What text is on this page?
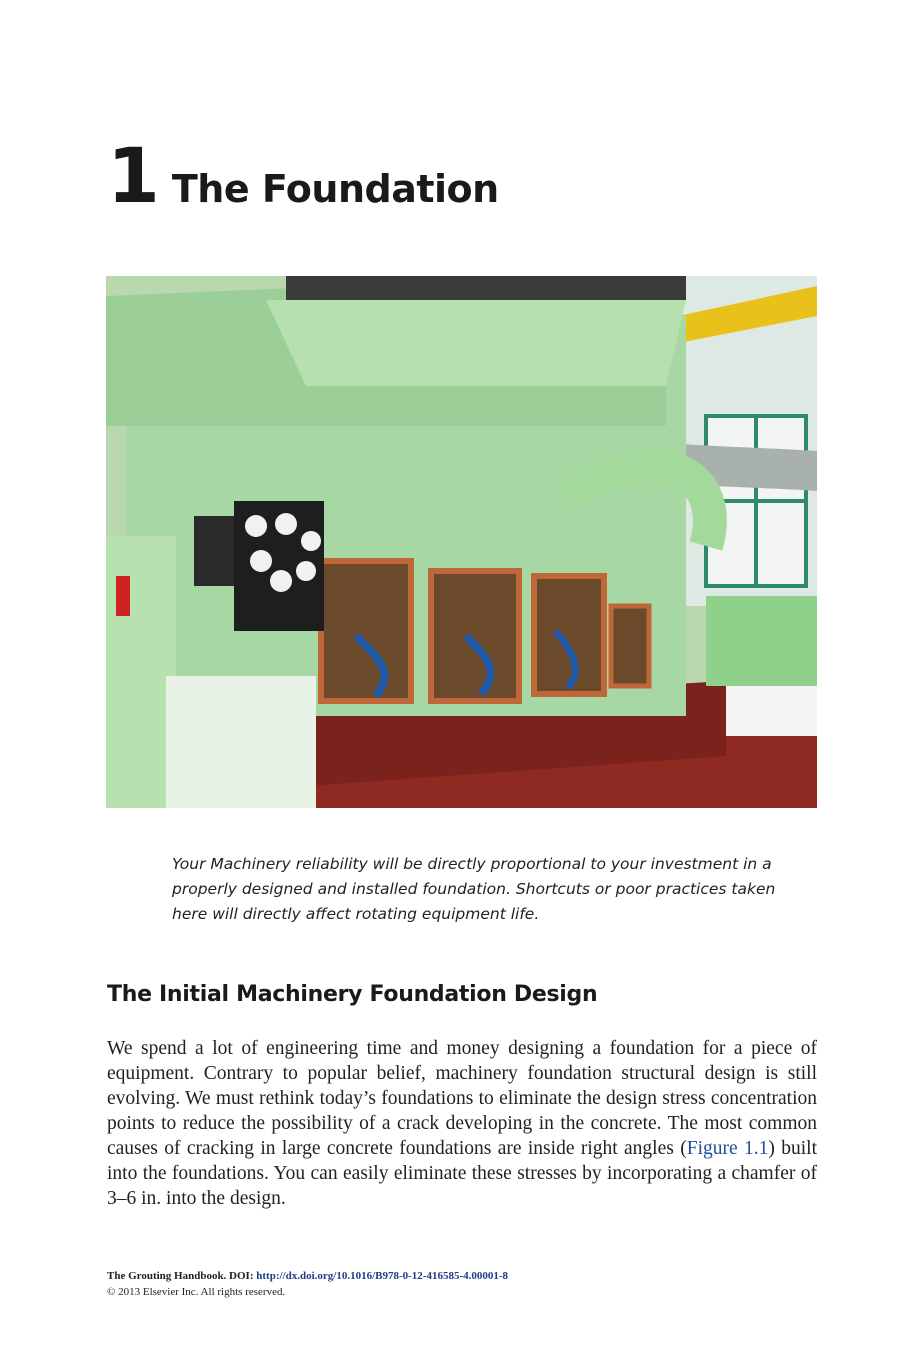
1 The Foundation

Your Machinery reliability will be directly proportional to your investment in a properly designed and installed foundation. Shortcuts or poor practices taken here will directly affect rotating equipment life.

The Initial Machinery Foundation Design

We spend a lot of engineering time and money designing a foundation for a piece of equipment. Contrary to popular belief, machinery foundation structural design is still evolving. We must rethink today’s foundations to eliminate the design stress concentration points to reduce the possibility of a crack developing in the concrete. The most common causes of cracking in large concrete foundations are inside right angles (Figure 1.1) built into the foundations. You can easily eliminate these stresses by incorporating a chamfer of 3–6 in. into the design.

The Grouting Handbook. DOI: http://dx.doi.org/10.1016/B978-0-12-416585-4.00001-8
© 2013 Elsevier Inc. All rights reserved.
